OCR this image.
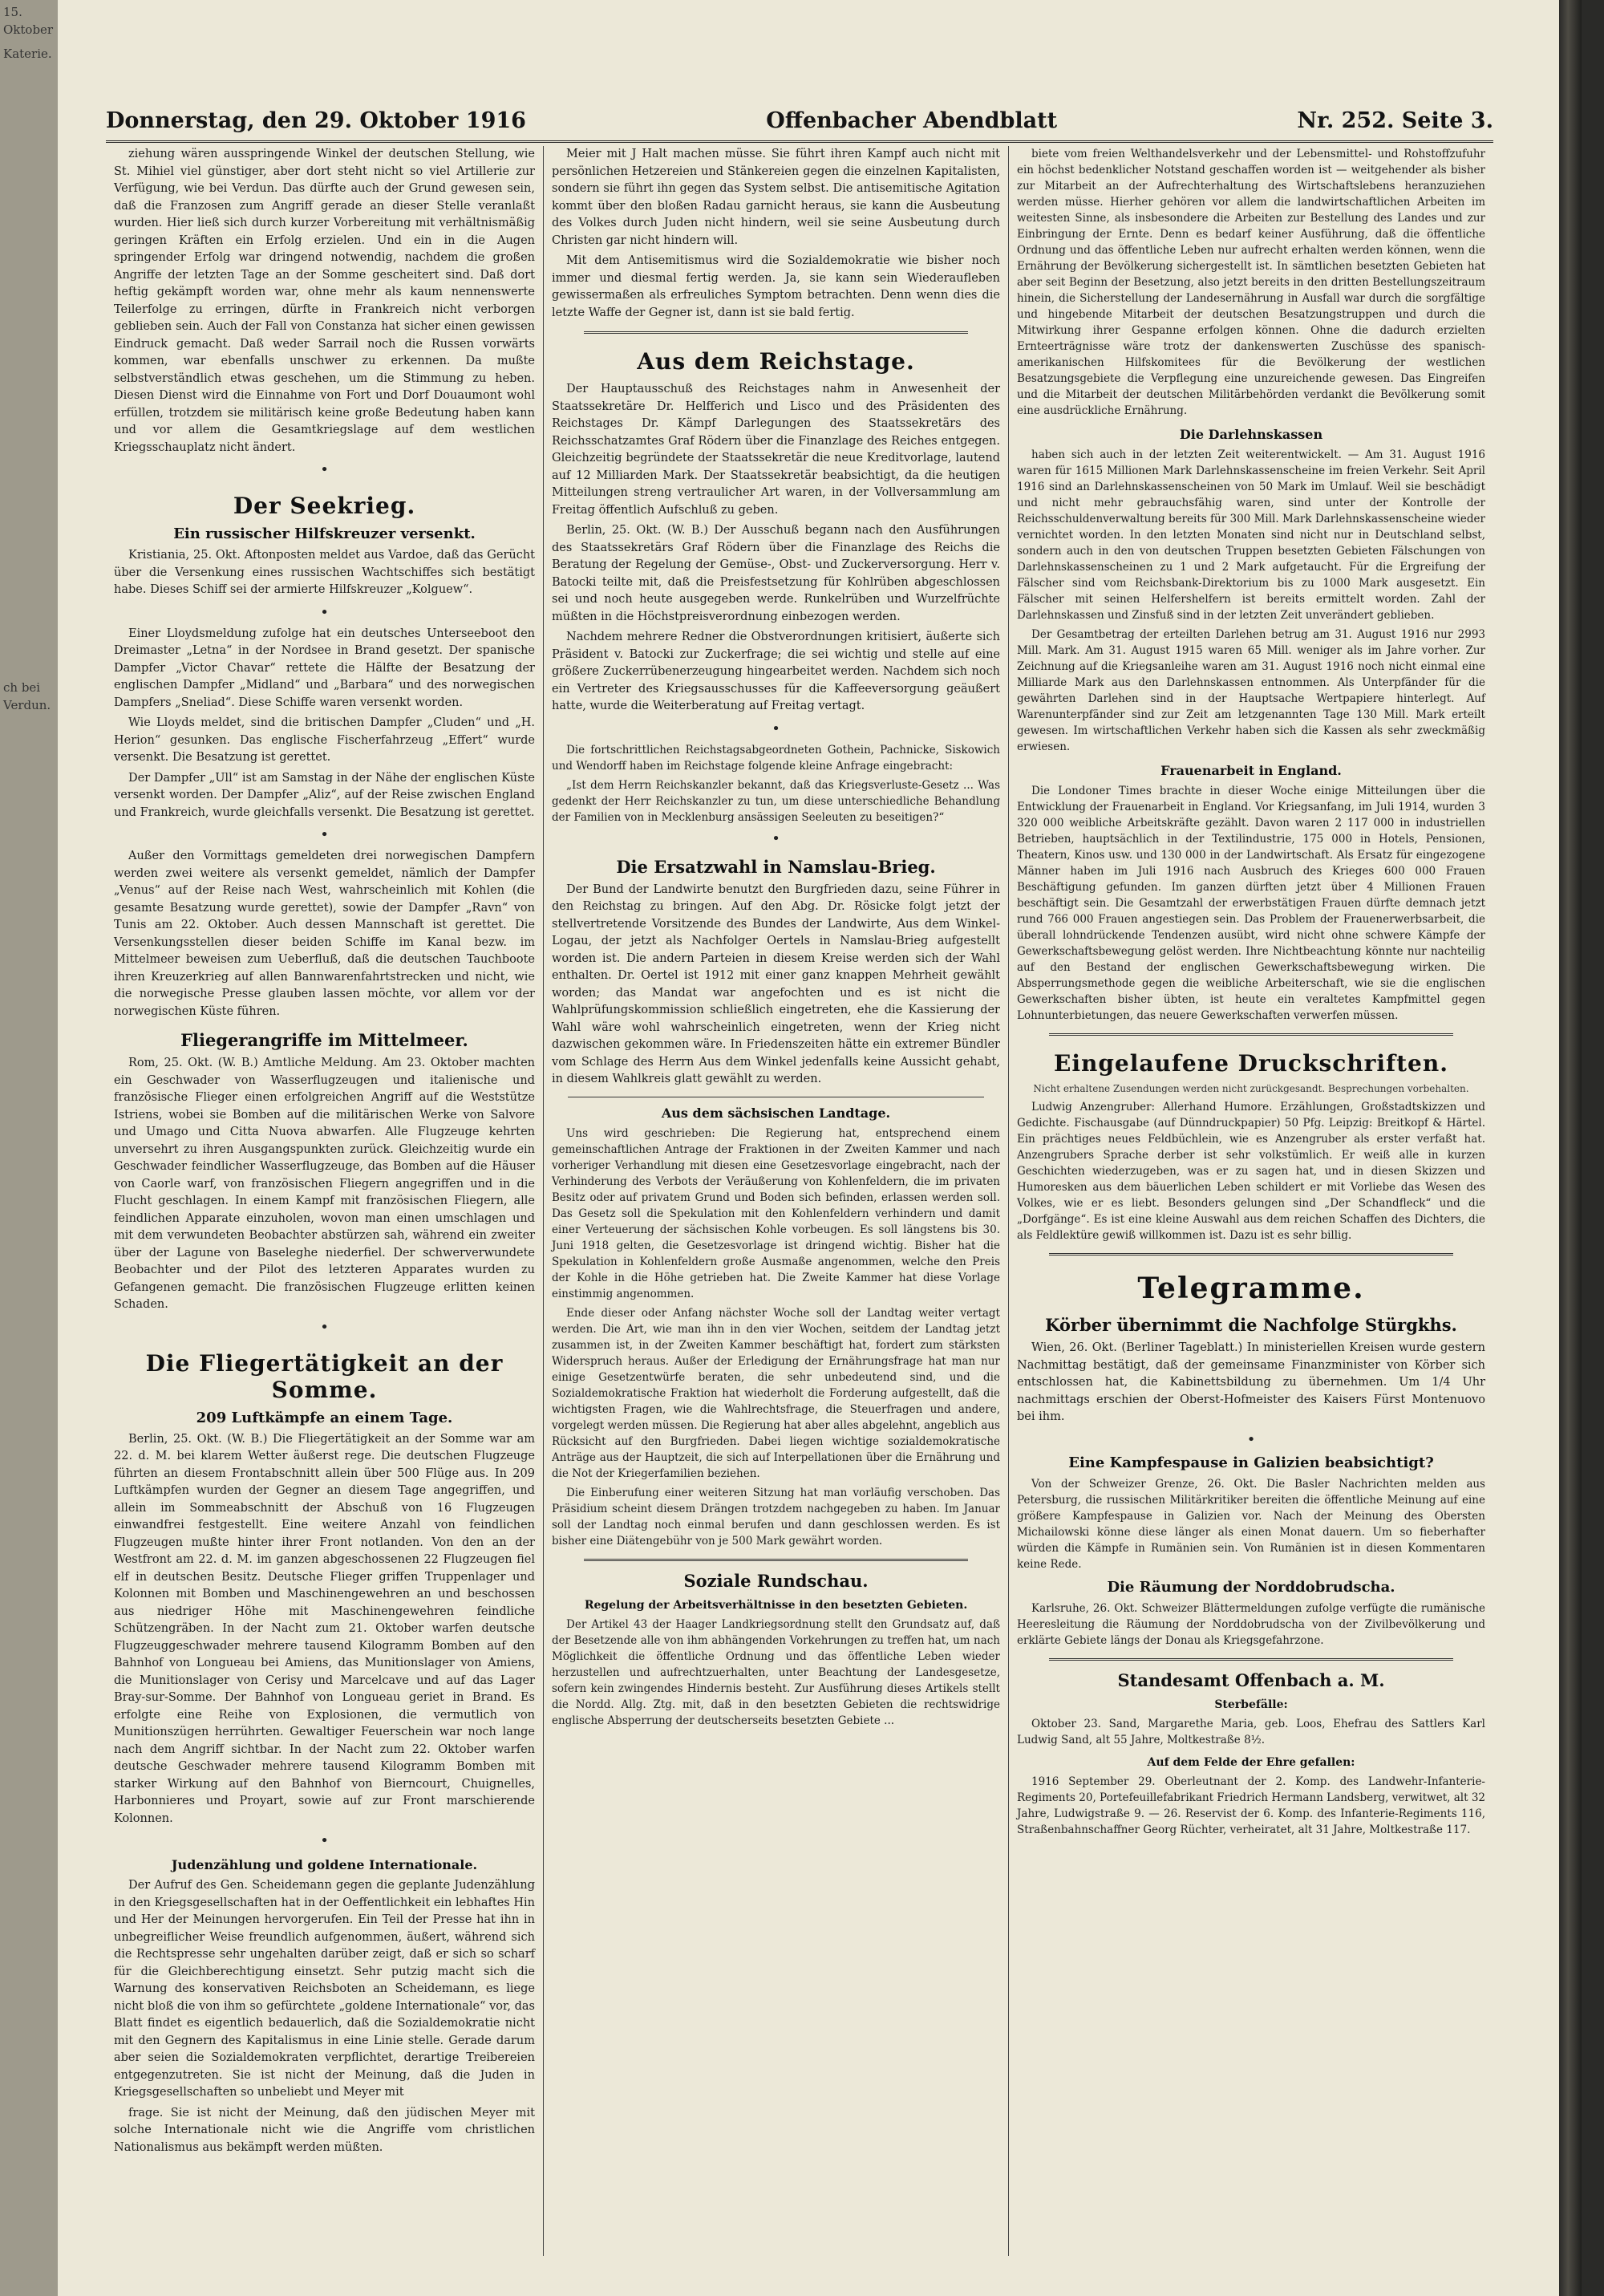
15. Oktober
Katerie.
ch bei Verdun.
Donnerstag, den 29. Oktober 1916	Offenbacher Abendblatt	Nr. 252. Seite 3.

ziehung wären ausspringende Winkel der deutschen Stellung, wie St. Mihiel viel günstiger, aber dort steht nicht so viel Artillerie zur Verfügung, wie bei Verdun. Das dürfte auch der Grund gewesen sein, daß die Franzosen zum Angriff gerade an dieser Stelle veranlaßt wurden. Hier ließ sich durch kurzer Vorbereitung mit verhältnismäßig geringen Kräften ein Erfolg erzielen. Und ein in die Augen springender Erfolg war dringend notwendig, nachdem die großen Angriffe der letzten Tage an der Somme gescheitert sind. Daß dort heftig gekämpft worden war, ohne mehr als kaum nennenswerte Teilerfolge zu erringen, dürfte in Frankreich nicht verborgen geblieben sein. Auch der Fall von Constanza hat sicher einen gewissen Eindruck gemacht. Daß weder Sarrail noch die Russen vorwärts kommen, war ebenfalls unschwer zu erkennen. Da mußte selbstverständlich etwas geschehen, um die Stimmung zu heben. Diesen Dienst wird die Einnahme von Fort und Dorf Douaumont wohl erfüllen, trotzdem sie militärisch keine große Bedeutung haben kann und vor allem die Gesamtkriegslage auf dem westlichen Kriegsschauplatz nicht ändert.

•
Der Seekrieg.
Ein russischer Hilfskreuzer versenkt.

Kristiania, 25. Okt. Aftonposten meldet aus Vardoe, daß das Gerücht über die Versenkung eines russischen Wachtschiffes sich bestätigt habe. Dieses Schiff sei der armierte Hilfskreuzer „Kolguew“.

•

Einer Lloydsmeldung zufolge hat ein deutsches Unterseeboot den Dreimaster „Letna“ in der Nordsee in Brand gesetzt. Der spanische Dampfer „Victor Chavar“ rettete die Hälfte der Besatzung der englischen Dampfer „Midland“ und „Barbara“ und des norwegischen Dampfers „Sneliad“. Diese Schiffe waren versenkt worden.

Wie Lloyds meldet, sind die britischen Dampfer „Cluden“ und „H. Herion“ gesunken. Das englische Fischerfahrzeug „Effert“ wurde versenkt. Die Besatzung ist gerettet.

Der Dampfer „Ull“ ist am Samstag in der Nähe der englischen Küste versenkt worden. Der Dampfer „Aliz“, auf der Reise zwischen England und Frankreich, wurde gleichfalls versenkt. Die Besatzung ist gerettet.

•

Außer den Vormittags gemeldeten drei norwegischen Dampfern werden zwei weitere als versenkt gemeldet, nämlich der Dampfer „Venus“ auf der Reise nach West, wahrscheinlich mit Kohlen (die gesamte Besatzung wurde gerettet), sowie der Dampfer „Ravn“ von Tunis am 22. Oktober. Auch dessen Mannschaft ist gerettet. Die Versenkungsstellen dieser beiden Schiffe im Kanal bezw. im Mittelmeer beweisen zum Ueberfluß, daß die deutschen Tauchboote ihren Kreuzerkrieg auf allen Bannwarenfahrtstrecken und nicht, wie die norwegische Presse glauben lassen möchte, vor allem vor der norwegischen Küste führen.

Fliegerangriffe im Mittelmeer.

Rom, 25. Okt. (W. B.) Amtliche Meldung. Am 23. Oktober machten ein Geschwader von Wasserflugzeugen und italienische und französische Flieger einen erfolgreichen Angriff auf die Weststütze Istriens, wobei sie Bomben auf die militärischen Werke von Salvore und Umago und Citta Nuova abwarfen. Alle Flugzeuge kehrten unversehrt zu ihren Ausgangspunkten zurück. Gleichzeitig wurde ein Geschwader feindlicher Wasserflugzeuge, das Bomben auf die Häuser von Caorle warf, von französischen Fliegern angegriffen und in die Flucht geschlagen. In einem Kampf mit französischen Fliegern, alle feindlichen Apparate einzuholen, wovon man einen umschlagen und mit dem verwundeten Beobachter abstürzen sah, während ein zweiter über der Lagune von Baseleghe niederfiel. Der schwerverwundete Beobachter und der Pilot des letzteren Apparates wurden zu Gefangenen gemacht. Die französischen Flugzeuge erlitten keinen Schaden.

•
Die Fliegertätigkeit an der Somme.
209 Luftkämpfe an einem Tage.

Berlin, 25. Okt. (W. B.) Die Fliegertätigkeit an der Somme war am 22. d. M. bei klarem Wetter äußerst rege. Die deutschen Flugzeuge führten an diesem Frontabschnitt allein über 500 Flüge aus. In 209 Luftkämpfen wurden der Gegner an diesem Tage angegriffen, und allein im Sommeabschnitt der Abschuß von 16 Flugzeugen einwandfrei festgestellt. Eine weitere Anzahl von feindlichen Flugzeugen mußte hinter ihrer Front notlanden. Von den an der Westfront am 22. d. M. im ganzen abgeschossenen 22 Flugzeugen fiel elf in deutschen Besitz. Deutsche Flieger griffen Truppenlager und Kolonnen mit Bomben und Maschinengewehren an und beschossen aus niedriger Höhe mit Maschinengewehren feindliche Schützengräben. In der Nacht zum 21. Oktober warfen deutsche Flugzeuggeschwader mehrere tausend Kilogramm Bomben auf den Bahnhof von Longueau bei Amiens, das Munitionslager von Amiens, die Munitionslager von Cerisy und Marcelcave und auf das Lager Bray-sur-Somme. Der Bahnhof von Longueau geriet in Brand. Es erfolgte eine Reihe von Explosionen, die vermutlich von Munitionszügen herrührten. Gewaltiger Feuerschein war noch lange nach dem Angriff sichtbar. In der Nacht zum 22. Oktober warfen deutsche Geschwader mehrere tausend Kilogramm Bomben mit starker Wirkung auf den Bahnhof von Bierncourt, Chuignelles, Harbonnieres und Proyart, sowie auf zur Front marschierende Kolonnen.

•
Judenzählung und goldene Internationale.

Der Aufruf des Gen. Scheidemann gegen die geplante Judenzählung in den Kriegsgesellschaften hat in der Oeffentlichkeit ein lebhaftes Hin und Her der Meinungen hervorgerufen. Ein Teil der Presse hat ihn in unbegreiflicher Weise freundlich aufgenommen, äußert, während sich die Rechtspresse sehr ungehalten darüber zeigt, daß er sich so scharf für die Gleichberechtigung einsetzt. Sehr putzig macht sich die Warnung des konservativen Reichsboten an Scheidemann, es liege nicht bloß die von ihm so gefürchtete „goldene Internationale“ vor, das Blatt findet es eigentlich bedauerlich, daß die Sozialdemokratie nicht mit den Gegnern des Kapitalismus in eine Linie stelle. Gerade darum aber seien die Sozialdemokraten verpflichtet, derartige Treibereien entgegenzutreten. Sie ist nicht der Meinung, daß die Juden in Kriegsgesellschaften so unbeliebt und Meyer mit

frage. Sie ist nicht der Meinung, daß den jüdischen Meyer mit solche Internationale nicht wie die Angriffe vom christlichen Nationalismus aus bekämpft werden müßten.

Meier mit J Halt machen müsse. Sie führt ihren Kampf auch nicht mit persönlichen Hetzereien und Stänkereien gegen die einzelnen Kapitalisten, sondern sie führt ihn gegen das System selbst. Die antisemitische Agitation kommt über den bloßen Radau garnicht heraus, sie kann die Ausbeutung des Volkes durch Juden nicht hindern, weil sie seine Ausbeutung durch Christen gar nicht hindern will.

Mit dem Antisemitismus wird die Sozialdemokratie wie bisher noch immer und diesmal fertig werden. Ja, sie kann sein Wiederaufleben gewissermaßen als erfreuliches Symptom betrachten. Denn wenn dies die letzte Waffe der Gegner ist, dann ist sie bald fertig.

Aus dem Reichstage.

Der Hauptausschuß des Reichstages nahm in Anwesenheit der Staatssekretäre Dr. Helfferich und Lisco und des Präsidenten des Reichstages Dr. Kämpf Darlegungen des Staatssekretärs des Reichsschatzamtes Graf Rödern über die Finanzlage des Reiches entgegen. Gleichzeitig begründete der Staatssekretär die neue Kreditvorlage, lautend auf 12 Milliarden Mark. Der Staatssekretär beabsichtigt, da die heutigen Mitteilungen streng vertraulicher Art waren, in der Vollversammlung am Freitag öffentlich Aufschluß zu geben.

Berlin, 25. Okt. (W. B.) Der Ausschuß begann nach den Ausführungen des Staatssekretärs Graf Rödern über die Finanzlage des Reichs die Beratung der Regelung der Gemüse-, Obst- und Zuckerversorgung. Herr v. Batocki teilte mit, daß die Preisfestsetzung für Kohlrüben abgeschlossen sei und noch heute ausgegeben werde. Runkelrüben und Wurzelfrüchte müßten in die Höchstpreisverordnung einbezogen werden.

Nachdem mehrere Redner die Obstverordnungen kritisiert, äußerte sich Präsident v. Batocki zur Zuckerfrage; die sei wichtig und stelle auf eine größere Zuckerrübenerzeugung hingearbeitet werden. Nachdem sich noch ein Vertreter des Kriegsausschusses für die Kaffeeversorgung geäußert hatte, wurde die Weiterberatung auf Freitag vertagt.

•

Die fortschrittlichen Reichstagsabgeordneten Gothein, Pachnicke, Siskowich und Wendorff haben im Reichstage folgende kleine Anfrage eingebracht:

„Ist dem Herrn Reichskanzler bekannt, daß das Kriegsverluste-Gesetz ... Was gedenkt der Herr Reichskanzler zu tun, um diese unterschiedliche Behandlung der Familien von in Mecklenburg ansässigen Seeleuten zu beseitigen?“

•
Die Ersatzwahl in Namslau-Brieg.

Der Bund der Landwirte benutzt den Burgfrieden dazu, seine Führer in den Reichstag zu bringen. Auf den Abg. Dr. Rösicke folgt jetzt der stellvertretende Vorsitzende des Bundes der Landwirte, Aus dem Winkel-Logau, der jetzt als Nachfolger Oertels in Namslau-Brieg aufgestellt worden ist. Die andern Parteien in diesem Kreise werden sich der Wahl enthalten. Dr. Oertel ist 1912 mit einer ganz knappen Mehrheit gewählt worden; das Mandat war angefochten und es ist nicht die Wahlprüfungskommission schließlich eingetreten, ehe die Kassierung der Wahl wäre wohl wahrscheinlich eingetreten, wenn der Krieg nicht dazwischen gekommen wäre. In Friedenszeiten hätte ein extremer Bündler vom Schlage des Herrn Aus dem Winkel jedenfalls keine Aussicht gehabt, in diesem Wahlkreis glatt gewählt zu werden.

Aus dem sächsischen Landtage.

Uns wird geschrieben: Die Regierung hat, entsprechend einem gemeinschaftlichen Antrage der Fraktionen in der Zweiten Kammer und nach vorheriger Verhandlung mit diesen eine Gesetzesvorlage eingebracht, nach der Verhinderung des Verbots der Veräußerung von Kohlenfeldern, die im privaten Besitz oder auf privatem Grund und Boden sich befinden, erlassen werden soll. Das Gesetz soll die Spekulation mit den Kohlenfeldern verhindern und damit einer Verteuerung der sächsischen Kohle vorbeugen. Es soll längstens bis 30. Juni 1918 gelten, die Gesetzesvorlage ist dringend wichtig. Bisher hat die Spekulation in Kohlenfeldern große Ausmaße angenommen, welche den Preis der Kohle in die Höhe getrieben hat. Die Zweite Kammer hat diese Vorlage einstimmig angenommen.

Ende dieser oder Anfang nächster Woche soll der Landtag weiter vertagt werden. Die Art, wie man ihn in den vier Wochen, seitdem der Landtag jetzt zusammen ist, in der Zweiten Kammer beschäftigt hat, fordert zum stärksten Widerspruch heraus. Außer der Erledigung der Ernährungsfrage hat man nur einige Gesetzentwürfe beraten, die sehr unbedeutend sind, und die Sozialdemokratische Fraktion hat wiederholt die Forderung aufgestellt, daß die wichtigsten Fragen, wie die Wahlrechtsfrage, die Steuerfragen und andere, vorgelegt werden müssen. Die Regierung hat aber alles abgelehnt, angeblich aus Rücksicht auf den Burgfrieden. Dabei liegen wichtige sozialdemokratische Anträge aus der Hauptzeit, die sich auf Interpellationen über die Ernährung und die Not der Kriegerfamilien beziehen.

Die Einberufung einer weiteren Sitzung hat man vorläufig verschoben. Das Präsidium scheint diesem Drängen trotzdem nachgegeben zu haben. Im Januar soll der Landtag noch einmal berufen und dann geschlossen werden. Es ist bisher eine Diätengebühr von je 500 Mark gewährt worden.

Soziale Rundschau.
Regelung der Arbeitsverhältnisse in den besetzten Gebieten.

Der Artikel 43 der Haager Landkriegsordnung stellt den Grundsatz auf, daß der Besetzende alle von ihm abhängenden Vorkehrungen zu treffen hat, um nach Möglichkeit die öffentliche Ordnung und das öffentliche Leben wieder herzustellen und aufrechtzuerhalten, unter Beachtung der Landesgesetze, sofern kein zwingendes Hindernis besteht. Zur Ausführung dieses Artikels stellt die Nordd. Allg. Ztg. mit, daß in den besetzten Gebieten die rechtswidrige englische Absperrung der deutscherseits besetzten Gebiete ...

biete vom freien Welthandelsverkehr und der Lebensmittel- und Rohstoffzufuhr ein höchst bedenklicher Notstand geschaffen worden ist — weitgehender als bisher zur Mitarbeit an der Aufrechterhaltung des Wirtschaftslebens heranzuziehen werden müsse. Hierher gehören vor allem die landwirtschaftlichen Arbeiten im weitesten Sinne, als insbesondere die Arbeiten zur Bestellung des Landes und zur Einbringung der Ernte. Denn es bedarf keiner Ausführung, daß die öffentliche Ordnung und das öffentliche Leben nur aufrecht erhalten werden können, wenn die Ernährung der Bevölkerung sichergestellt ist. In sämtlichen besetzten Gebieten hat aber seit Beginn der Besetzung, also jetzt bereits in den dritten Bestellungszeitraum hinein, die Sicherstellung der Landesernährung in Ausfall war durch die sorgfältige und hingebende Mitarbeit der deutschen Besatzungstruppen und durch die Mitwirkung ihrer Gespanne erfolgen können. Ohne die dadurch erzielten Ernteerträgnisse wäre trotz der dankenswerten Zuschüsse des spanisch-amerikanischen Hilfskomitees für die Bevölkerung der westlichen Besatzungsgebiete die Verpflegung eine unzureichende gewesen. Das Eingreifen und die Mitarbeit der deutschen Militärbehörden verdankt die Bevölkerung somit eine ausdrückliche Ernährung.

Die Darlehnskassen

haben sich auch in der letzten Zeit weiterentwickelt. — Am 31. August 1916 waren für 1615 Millionen Mark Darlehnskassenscheine im freien Verkehr. Seit April 1916 sind an Darlehnskassenscheinen von 50 Mark im Umlauf. Weil sie beschädigt und nicht mehr gebrauchsfähig waren, sind unter der Kontrolle der Reichsschuldenverwaltung bereits für 300 Mill. Mark Darlehnskassenscheine wieder vernichtet worden. In den letzten Monaten sind nicht nur in Deutschland selbst, sondern auch in den von deutschen Truppen besetzten Gebieten Fälschungen von Darlehnskassenscheinen zu 1 und 2 Mark aufgetaucht. Für die Ergreifung der Fälscher sind vom Reichsbank-Direktorium bis zu 1000 Mark ausgesetzt. Ein Fälscher mit seinen Helfershelfern ist bereits ermittelt worden. Zahl der Darlehnskassen und Zinsfuß sind in der letzten Zeit unverändert geblieben.

Der Gesamtbetrag der erteilten Darlehen betrug am 31. August 1916 nur 2993 Mill. Mark. Am 31. August 1915 waren 65 Mill. weniger als im Jahre vorher. Zur Zeichnung auf die Kriegsanleihe waren am 31. August 1916 noch nicht einmal eine Milliarde Mark aus den Darlehnskassen entnommen. Als Unterpfänder für die gewährten Darlehen sind in der Hauptsache Wertpapiere hinterlegt. Auf Warenunterpfänder sind zur Zeit am letzgenannten Tage 130 Mill. Mark erteilt gewesen. Im wirtschaftlichen Verkehr haben sich die Kassen als sehr zweckmäßig erwiesen.

Frauenarbeit in England.

Die Londoner Times brachte in dieser Woche einige Mitteilungen über die Entwicklung der Frauenarbeit in England. Vor Kriegsanfang, im Juli 1914, wurden 3 320 000 weibliche Arbeitskräfte gezählt. Davon waren 2 117 000 in industriellen Betrieben, hauptsächlich in der Textilindustrie, 175 000 in Hotels, Pensionen, Theatern, Kinos usw. und 130 000 in der Landwirtschaft. Als Ersatz für eingezogene Männer haben im Juli 1916 nach Ausbruch des Krieges 600 000 Frauen Beschäftigung gefunden. Im ganzen dürften jetzt über 4 Millionen Frauen beschäftigt sein. Die Gesamtzahl der erwerbstätigen Frauen dürfte demnach jetzt rund 766 000 Frauen angestiegen sein. Das Problem der Frauenerwerbsarbeit, die überall lohndrückende Tendenzen ausübt, wird nicht ohne schwere Kämpfe der Gewerkschaftsbewegung gelöst werden. Ihre Nichtbeachtung könnte nur nachteilig auf den Bestand der englischen Gewerkschaftsbewegung wirken. Die Absperrungsmethode gegen die weibliche Arbeiterschaft, wie sie die englischen Gewerkschaften bisher übten, ist heute ein veraltetes Kampfmittel gegen Lohnunterbietungen, das neuere Gewerkschaften verwerfen müssen.

Eingelaufene Druckschriften.
Nicht erhaltene Zusendungen werden nicht zurückgesandt. Besprechungen vorbehalten.

Ludwig Anzengruber: Allerhand Humore. Erzählungen, Großstadtskizzen und Gedichte. Fischausgabe (auf Dünndruckpapier) 50 Pfg. Leipzig: Breitkopf & Härtel. Ein prächtiges neues Feldbüchlein, wie es Anzengruber als erster verfaßt hat. Anzengrubers Sprache derber ist sehr volkstümlich. Er weiß alle in kurzen Geschichten wiederzugeben, was er zu sagen hat, und in diesen Skizzen und Humoresken aus dem bäuerlichen Leben schildert er mit Vorliebe das Wesen des Volkes, wie er es liebt. Besonders gelungen sind „Der Schandfleck“ und die „Dorfgänge“. Es ist eine kleine Auswahl aus dem reichen Schaffen des Dichters, die als Feldlektüre gewiß willkommen ist. Dazu ist es sehr billig.

Telegramme.
Körber übernimmt die Nachfolge Stürgkhs.

Wien, 26. Okt. (Berliner Tageblatt.) In ministeriellen Kreisen wurde gestern Nachmittag bestätigt, daß der gemeinsame Finanzminister von Körber sich entschlossen hat, die Kabinettsbildung zu übernehmen. Um 1/4 Uhr nachmittags erschien der Oberst-Hofmeister des Kaisers Fürst Montenuovo bei ihm.

•
Eine Kampfespause in Galizien beabsichtigt?

Von der Schweizer Grenze, 26. Okt. Die Basler Nachrichten melden aus Petersburg, die russischen Militärkritiker bereiten die öffentliche Meinung auf eine größere Kampfespause in Galizien vor. Nach der Meinung des Obersten Michailowski könne diese länger als einen Monat dauern. Um so fieberhafter würden die Kämpfe in Rumänien sein. Von Rumänien ist in diesen Kommentaren keine Rede.

Die Räumung der Norddobrudscha.

Karlsruhe, 26. Okt. Schweizer Blättermeldungen zufolge verfügte die rumänische Heeresleitung die Räumung der Norddobrudscha von der Zivilbevölkerung und erklärte Gebiete längs der Donau als Kriegsgefahrzone.

Standesamt Offenbach a. M.
Sterbefälle:

Oktober 23. Sand, Margarethe Maria, geb. Loos, Ehefrau des Sattlers Karl Ludwig Sand, alt 55 Jahre, Moltkestraße 8½.

Auf dem Felde der Ehre gefallen:

1916 September 29. Oberleutnant der 2. Komp. des Landwehr-Infanterie-Regiments 20, Portefeuillefabrikant Friedrich Hermann Landsberg, verwitwet, alt 32 Jahre, Ludwigstraße 9. — 26. Reservist der 6. Komp. des Infanterie-Regiments 116, Straßenbahnschaffner Georg Rüchter, verheiratet, alt 31 Jahre, Moltkestraße 117.
